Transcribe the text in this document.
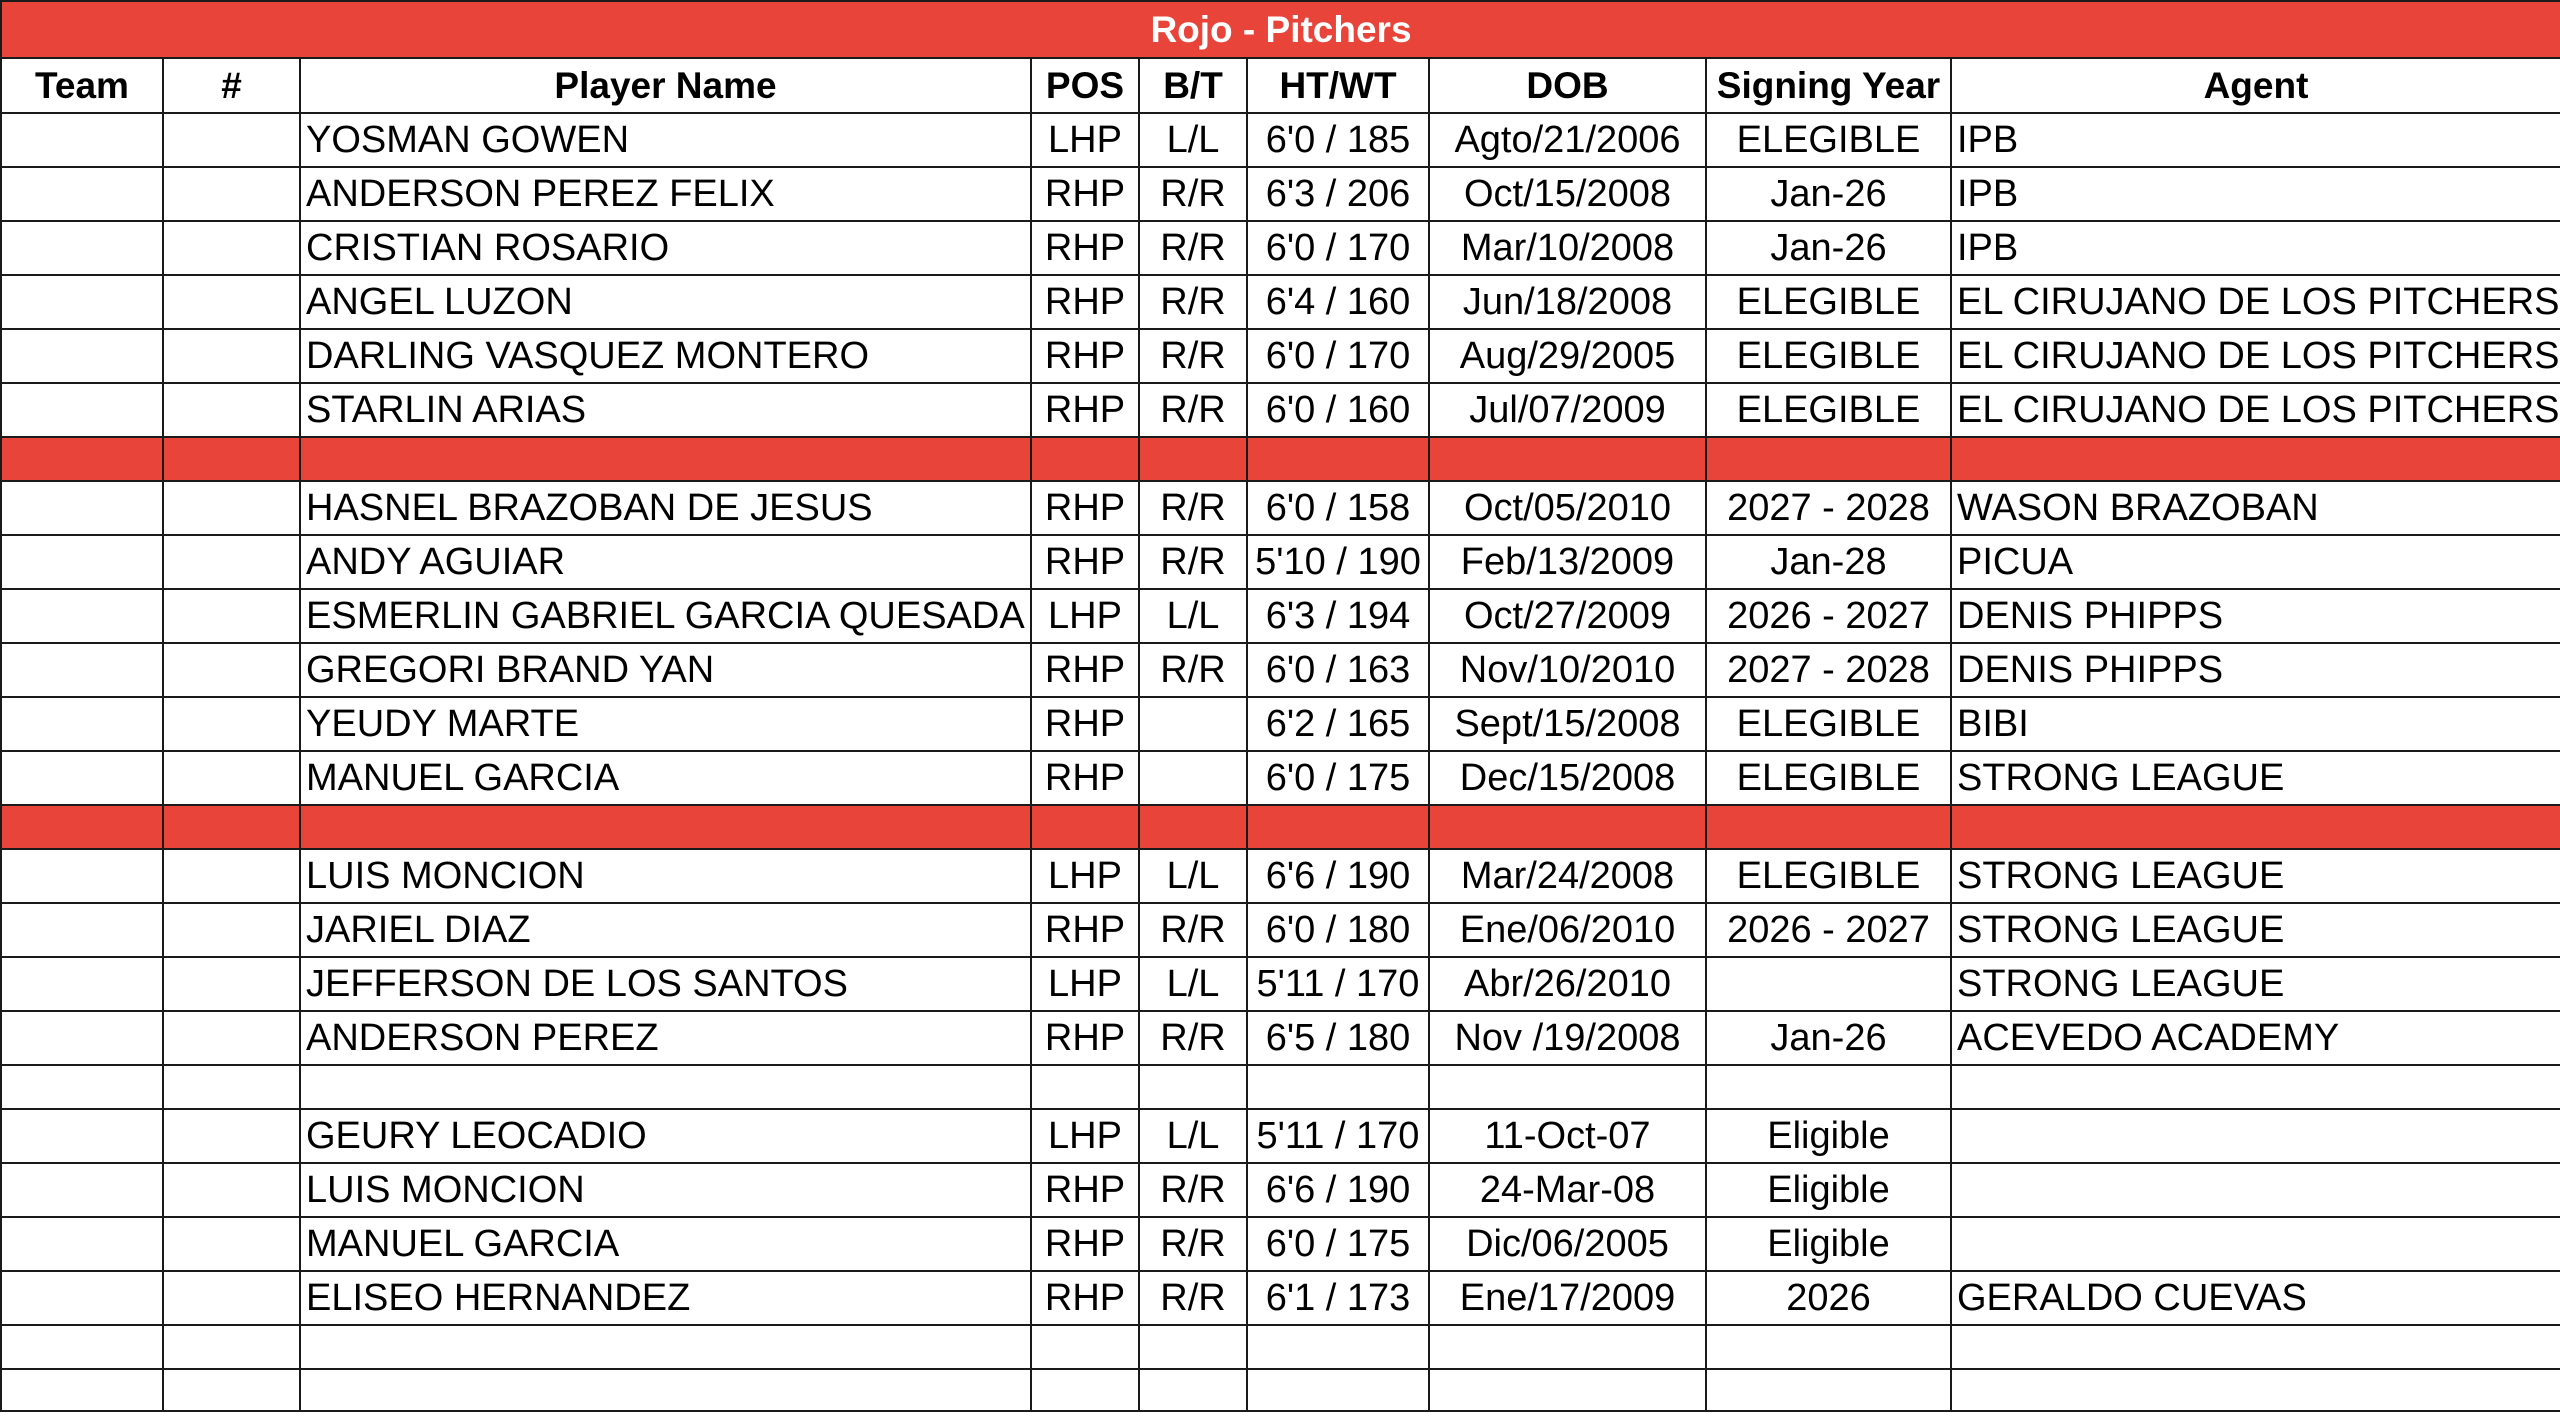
Rojo - Pitchers								
Team	#	Player Name	POS	B/T	HT/WT	DOB	Signing Year	Agent
		YOSMAN GOWEN	LHP	L/L	6'0 / 185	Agto/21/2006	ELEGIBLE	IPB
		ANDERSON PEREZ FELIX	RHP	R/R	6'3 / 206	Oct/15/2008	Jan-26	IPB
		CRISTIAN ROSARIO	RHP	R/R	6'0 / 170	Mar/10/2008	Jan-26	IPB
		ANGEL LUZON	RHP	R/R	6'4 / 160	Jun/18/2008	ELEGIBLE	EL CIRUJANO DE LOS PITCHERS
		DARLING VASQUEZ MONTERO	RHP	R/R	6'0 / 170	Aug/29/2005	ELEGIBLE	EL CIRUJANO DE LOS PITCHERS
		STARLIN ARIAS	RHP	R/R	6'0 / 160	Jul/07/2009	ELEGIBLE	EL CIRUJANO DE LOS PITCHERS

		HASNEL BRAZOBAN DE JESUS	RHP	R/R	6'0 / 158	Oct/05/2010	2027 - 2028	WASON BRAZOBAN
		ANDY AGUIAR	RHP	R/R	5'10 / 190	Feb/13/2009	Jan-28	PICUA
		ESMERLIN GABRIEL GARCIA QUESADA	LHP	L/L	6'3 / 194	Oct/27/2009	2026 - 2027	DENIS PHIPPS
		GREGORI BRAND YAN	RHP	R/R	6'0 / 163	Nov/10/2010	2027 - 2028	DENIS PHIPPS
		YEUDY MARTE	RHP		6'2 / 165	Sept/15/2008	ELEGIBLE	BIBI
		MANUEL GARCIA	RHP		6'0 / 175	Dec/15/2008	ELEGIBLE	STRONG LEAGUE

		LUIS MONCION	LHP	L/L	6'6 / 190	Mar/24/2008	ELEGIBLE	STRONG LEAGUE
		JARIEL DIAZ	RHP	R/R	6'0 / 180	Ene/06/2010	2026 - 2027	STRONG LEAGUE
		JEFFERSON DE LOS SANTOS	LHP	L/L	5'11 / 170	Abr/26/2010		STRONG LEAGUE
		ANDERSON PEREZ	RHP	R/R	6'5 / 180	Nov /19/2008	Jan-26	ACEVEDO ACADEMY

		GEURY LEOCADIO	LHP	L/L	5'11 / 170	11-Oct-07	Eligible	
		LUIS MONCION	RHP	R/R	6'6 / 190	24-Mar-08	Eligible	
		MANUEL GARCIA	RHP	R/R	6'0 / 175	Dic/06/2005	Eligible	
		ELISEO HERNANDEZ	RHP	R/R	6'1 / 173	Ene/17/2009	2026	GERALDO CUEVAS
